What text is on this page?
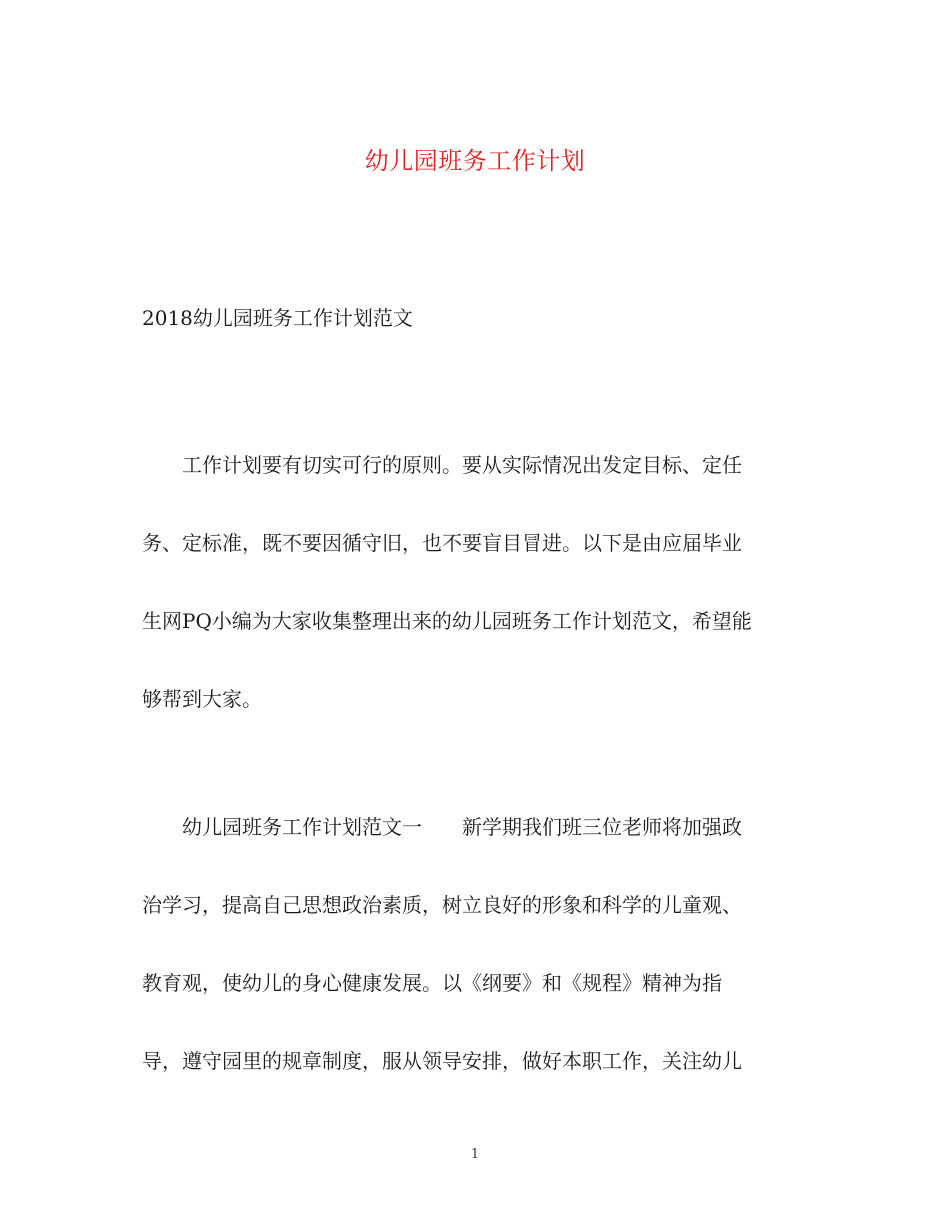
幼儿园班务工作计划
2018幼儿园班务工作计划范文
工作计划要有切实可行的原则。要从实际情况出发定目标、定任
务、定标准，既不要因循守旧，也不要盲目冒进。以下是由应届毕业
生网PQ小编为大家收集整理出来的幼儿园班务工作计划范文，希望能
够帮到大家。
幼儿园班务工作计划范文一　　新学期我们班三位老师将加强政
治学习，提高自己思想政治素质，树立良好的形象和科学的儿童观、
教育观，使幼儿的身心健康发展。以《纲要》和《规程》精神为指
导，遵守园里的规章制度，服从领导安排，做好本职工作，关注幼儿
1
